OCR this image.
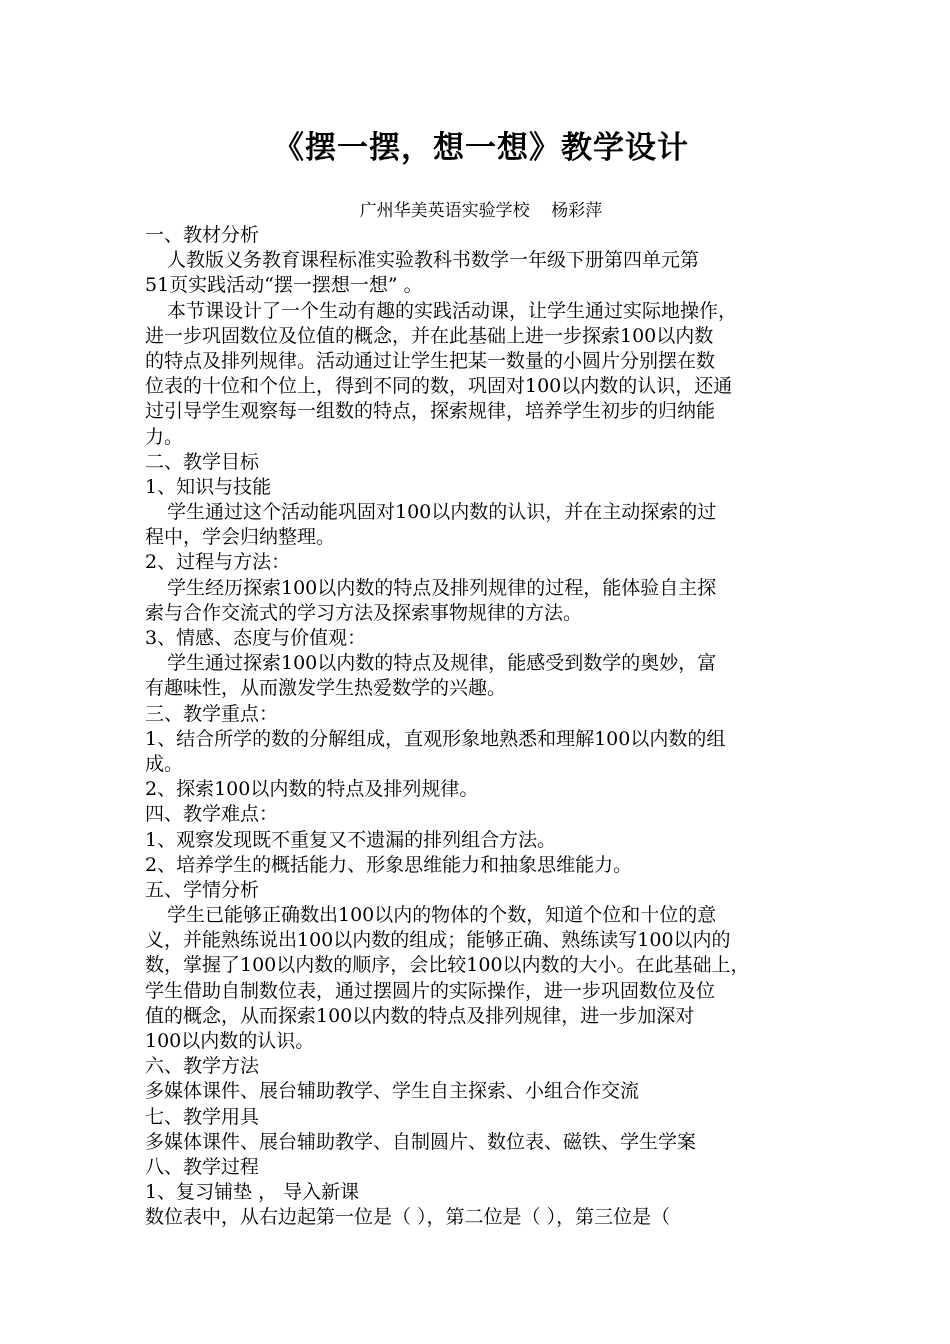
《摆一摆，想一想》教学设计
广州华美英语实验学校    杨彩萍
一、教材分析
人教版义务教育课程标准实验教科书数学一年级下册第四单元第
51页实践活动“摆一摆想一想” 。
本节课设计了一个生动有趣的实践活动课，让学生通过实际地操作，
进一步巩固数位及位值的概念，并在此基础上进一步探索100以内数
的特点及排列规律。活动通过让学生把某一数量的小圆片分别摆在数
位表的十位和个位上，得到不同的数，巩固对100以内数的认识，还通
过引导学生观察每一组数的特点，探索规律，培养学生初步的归纳能
力。
二、教学目标
1、知识与技能
学生通过这个活动能巩固对100以内数的认识，并在主动探索的过
程中，学会归纳整理。
2、过程与方法：
学生经历探索100以内数的特点及排列规律的过程，能体验自主探
索与合作交流式的学习方法及探索事物规律的方法。
3、情感、态度与价值观：
学生通过探索100以内数的特点及规律，能感受到数学的奥妙，富
有趣味性，从而激发学生热爱数学的兴趣。
三、教学重点：
1、结合所学的数的分解组成，直观形象地熟悉和理解100以内数的组
成。
2、探索100以内数的特点及排列规律。
四、教学难点：
1、观察发现既不重复又不遗漏的排列组合方法。
2、培养学生的概括能力、形象思维能力和抽象思维能力。
五、学情分析
学生已能够正确数出100以内的物体的个数，知道个位和十位的意
义，并能熟练说出100以内数的组成；能够正确、熟练读写100以内的
数，掌握了100以内数的顺序，会比较100以内数的大小。在此基础上，
学生借助自制数位表，通过摆圆片的实际操作，进一步巩固数位及位
值的概念，从而探索100以内数的特点及排列规律，进一步加深对
100以内数的认识。
六、教学方法
多媒体课件、展台辅助教学、学生自主探索、小组合作交流
七、教学用具
多媒体课件、展台辅助教学、自制圆片、数位表、磁铁、学生学案
八、教学过程
1、复习铺垫 ， 导入新课
数位表中，从右边起第一位是（ ），第二位是（ ），第三位是（
